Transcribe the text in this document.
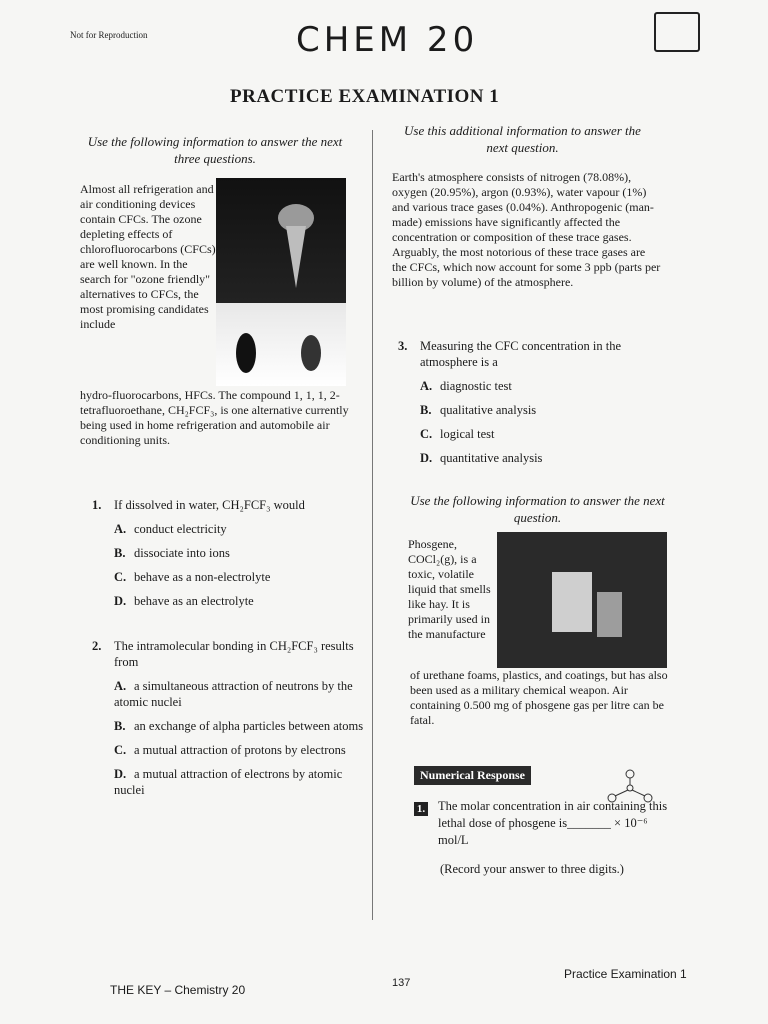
Not for Reproduction	CHEM 20
PRACTICE EXAMINATION 1
Use the following information to answer the next three questions.
Almost all refrigeration and air conditioning devices contain CFCs. The ozone depleting effects of chlorofluorocarbons (CFCs) are well known. In the search for "ozone friendly" alternatives to CFCs, the most promising candidates include
hydro-fluorocarbons, HFCs. The compound 1, 1, 1, 2-tetrafluoroethane, CH₂FCF₃, is one alternative currently being used in home refrigeration and automobile air conditioning units.
1. If dissolved in water, CH₂FCF₃ would
A. conduct electricity
B. dissociate into ions
C. behave as a non-electrolyte
D. behave as an electrolyte
2. The intramolecular bonding in CH₂FCF₃ results from
A. a simultaneous attraction of neutrons by the atomic nuclei
B. an exchange of alpha particles between atoms
C. a mutual attraction of protons by electrons
D. a mutual attraction of electrons by atomic nuclei
Use this additional information to answer the next question.
Earth's atmosphere consists of nitrogen (78.08%), oxygen (20.95%), argon (0.93%), water vapour (1%) and various trace gases (0.04%). Anthropogenic (man-made) emissions have significantly affected the concentration or composition of these trace gases. Arguably, the most notorious of these trace gases are the CFCs, which now account for some 3 ppb (parts per billion by volume) of the atmosphere.
3. Measuring the CFC concentration in the atmosphere is a
A. diagnostic test
B. qualitative analysis
C. logical test
D. quantitative analysis
Use the following information to answer the next question.
Phosgene, COCl₂(g), is a toxic, volatile liquid that smells like hay. It is primarily used in the manufacture
of urethane foams, plastics, and coatings, but has also been used as a military chemical weapon. Air containing 0.500 mg of phosgene gas per litre can be fatal.
Numerical Response
1. The molar concentration in air containing this lethal dose of phosgene is_______ × 10⁻⁶ mol/L
(Record your answer to three digits.)
THE KEY – Chemistry 20	137
Practice Examination 1
